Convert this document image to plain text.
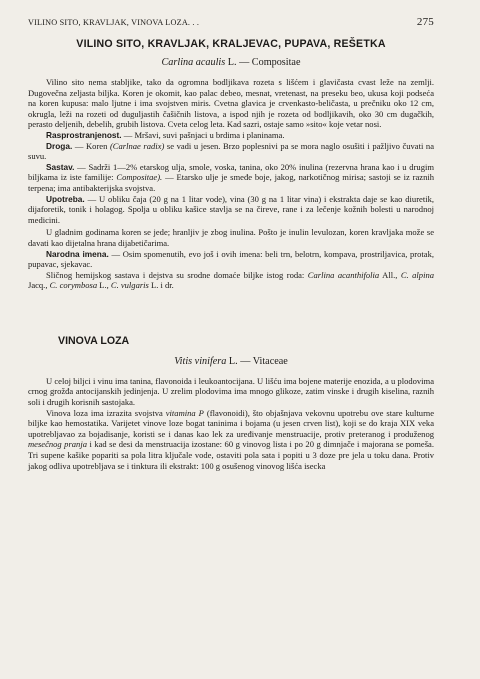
VILINO SITO, KRAVLJAK, VINOVA LOZA. . .	275
VILINO SITO, KRAVLJAK, KRALJEVAC, PUPAVA, REŠETKA
Carlina acaulis L. — Compositae

Vilino sito nema stabljike, tako da ogromna bodljikava rozeta s lišćem i glavičasta cvast leže na zemlji. Dugovečna zeljasta biljka. Koren je okomit, kao palac debeo, mesnat, vretenast, na preseku beo, ukusa koji podseća na koren kupusa: malo ljutne i ima svojstven miris. Cvetna glavica je crvenkasto-beličasta, u prečniku oko 12 cm, okrugla, leži na rozeti od duguljastih čašičnih listova, a ispod njih je rozeta od bodljikavih, oko 30 cm dugačkih, perasto deljenih, debelih, grubih listova. Cveta celog leta. Kad sazri, ostaje samo »sito« koje vetar nosi.

Rasprostranjenost. — Mršavi, suvi pašnjaci u brdima i planinama.

Droga. — Koren (Carlnae radix) se vadi u jesen. Brzo poplesnivi pa se mora naglo osušiti i pažljivo čuvati na suvu.

Sastav. — Sadrži 1—2% etarskog ulja, smole, voska, tanina, oko 20% inulina (rezervna hrana kao i u drugim biljkama iz iste familije: Compositae). — Etarsko ulje je smeđe boje, jakog, narkotičnog mirisa; sastoji se iz raznih terpena; ima antibakterijska svojstva.

Upotreba. — U obliku čaja (20 g na 1 litar vode), vina (30 g na 1 litar vina) i ekstrakta daje se kao diuretik, dijaforetik, tonik i holagog. Spolja u obliku kašice stavlja se na čireve, rane i za lečenje kožnih bolesti u narodnoj medicini.

U gladnim godinama koren se jede; hranljiv je zbog inulina. Pošto je inulin levulozan, koren kravljaka može se davati kao dijetalna hrana dijabetičarima.

Narodna imena. — Osim spomenutih, evo još i ovih imena: beli trn, belotrn, kompava, prostriljavica, protak, pupavac, sjekavac.

Sličnog hemijskog sastava i dejstva su srodne domaće biljke istog roda: Carlina acanthifolia All., C. alpina Jacq., C. corymbosa L., C. vulgaris L. i dr.

VINOVA LOZA
Vitis vinifera L. — Vitaceae

U celoj biljci i vinu ima tanina, flavonoida i leukoantocijana. U lišću ima bojene materije enozida, a u plodovima crnog grožđa antocijanskih jedinjenja. U zrelim plodovima ima mnogo glikoze, zatim vinske i drugih kiselina, raznih soli i drugih korisnih sastojaka.

Vinova loza ima izrazita svojstva vitamina P (flavonoidi), što objašnjava vekovnu upotrebu ove stare kulturne biljke kao hemostatika. Varijetet vinove loze bogat taninima i bojama (u jesen crven list), koji se do kraja XIX veka upotrebljavao za bojadisanje, koristi se i danas kao lek za uređivanje menstruacije, protiv preteranog i produženog mesečnog pranja i kad se desi da menstruacija izostane: 60 g vinovog lista i po 20 g dimnjače i majorana se pomeša. Tri supene kašike popariti sa pola litra ključale vode, ostaviti pola sata i popiti u 3 doze pre jela u toku dana. Protiv jakog odliva upotrebljava se i tinktura ili ekstrakt: 100 g osušenog vinovog lišća isecka
